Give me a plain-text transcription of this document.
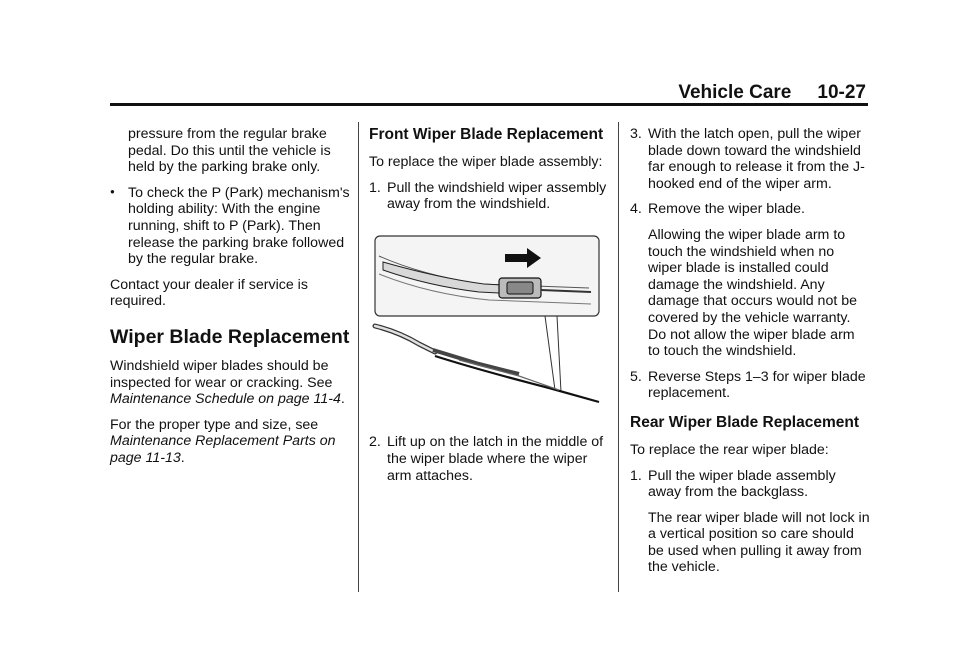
Vehicle Care 10-27

pressure from the regular brake pedal. Do this until the vehicle is held by the parking brake only.

● To check the P (Park) mechanism's holding ability: With the engine running, shift to P (Park). Then release the parking brake followed by the regular brake.

Contact your dealer if service is required.

Wiper Blade Replacement

Windshield wiper blades should be inspected for wear or cracking. See Maintenance Schedule on page 11-4.

For the proper type and size, see Maintenance Replacement Parts on page 11-13.

Front Wiper Blade Replacement

To replace the wiper blade assembly:

1. Pull the windshield wiper assembly away from the windshield.
2. Lift up on the latch in the middle of the wiper blade where the wiper arm attaches.
3. With the latch open, pull the wiper blade down toward the windshield far enough to release it from the J-hooked end of the wiper arm.
4. Remove the wiper blade.

Allowing the wiper blade arm to touch the windshield when no wiper blade is installed could damage the windshield. Any damage that occurs would not be covered by the vehicle warranty. Do not allow the wiper blade arm to touch the windshield.

5. Reverse Steps 1–3 for wiper blade replacement.
Rear Wiper Blade Replacement

To replace the rear wiper blade:

1. Pull the wiper blade assembly away from the backglass.

The rear wiper blade will not lock in a vertical position so care should be used when pulling it away from the vehicle.
